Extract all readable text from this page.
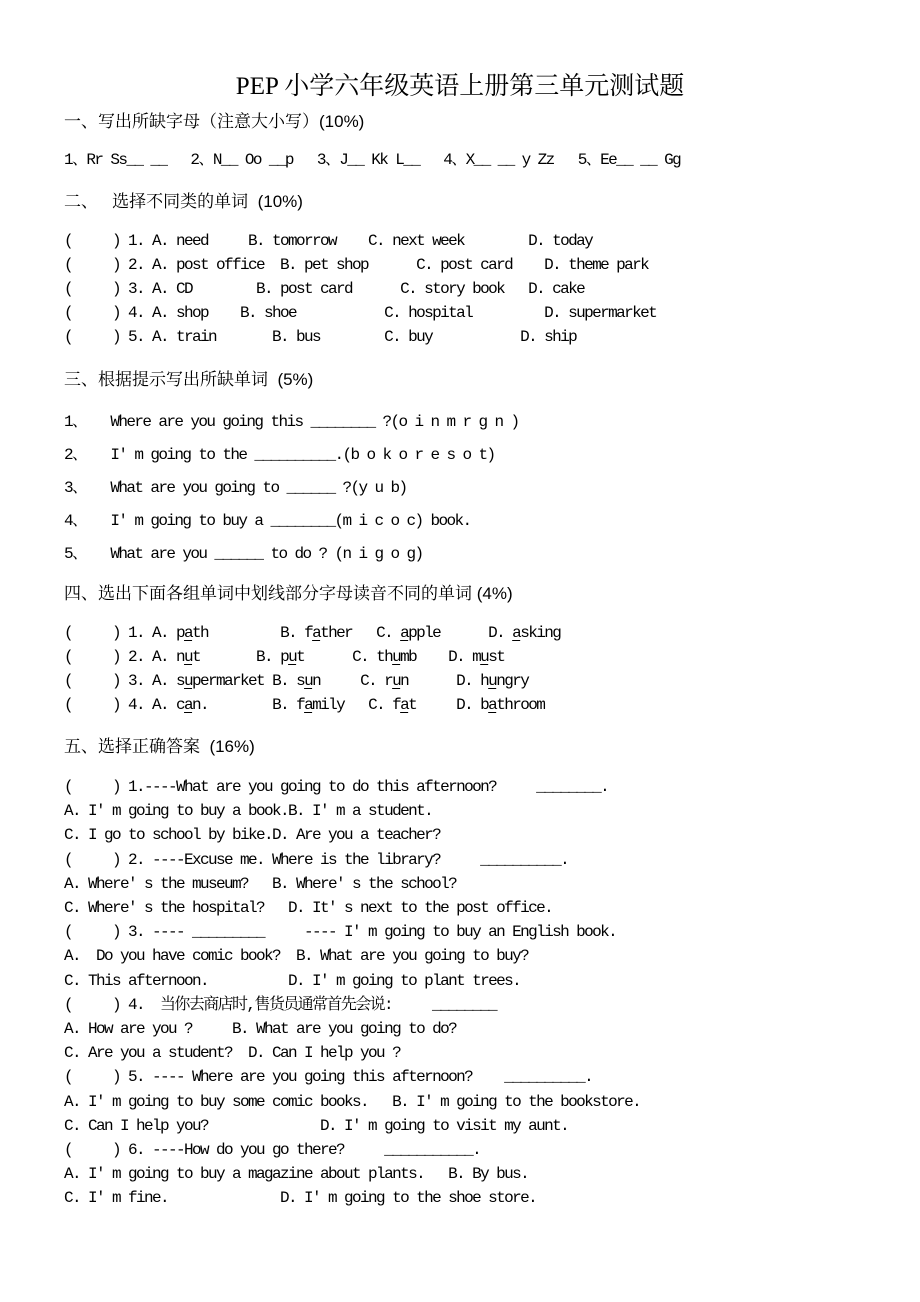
PEP 小学六年级英语上册第三单元测试题
一、写出所缺字母（注意大小写）(10%)
1、Rr Ss__ __   2、N__ Oo __p   3、J__ Kk L__   4、X__ __ y Zz   5、Ee__ __ Gg
二、   选择不同类的单词  (10%)
(     ) 1. A. need     B. tomorrow    C. next week        D. today
(     ) 2. A. post office  B. pet shop      C. post card    D. theme park
(     ) 3. A. CD        B. post card      C. story book   D. cake
(     ) 4. A. shop    B. shoe           C. hospital         D. supermarket
(     ) 5. A. train       B. bus        C. buy           D. ship
三、根据提示写出所缺单词  (5%)
1、   Where are you going this ________ ?(o i n m r g n )
2、   I' m going to the __________.(b o k o r e s o t)
3、   What are you going to ______ ?(y u b)
4、   I' m going to buy a ________(m i c o c) book.
5、   What are you ______ to do ? (n i g o g)
四、选出下面各组单词中划线部分字母读音不同的单词 (4%)
(     ) 1. A. path         B. father   C. apple      D. asking
(     ) 2. A. nut       B. put      C. thumb    D. must
(     ) 3. A. supermarket B. sun     C. run      D. hungry
(     ) 4. A. can.        B. family   C. fat     D. bathroom
五、选择正确答案  (16%)
(     ) 1.----What are you going to do this afternoon?     ________.
A. I' m going to buy a book.B. I' m a student.
C. I go to school by bike.D. Are you a teacher?
(     ) 2. ----Excuse me. Where is the library?     __________.
A. Where' s the museum?   B. Where' s the school?
C. Where' s the hospital?   D. It' s next to the post office.
(     ) 3. ---- _________     ---- I' m going to buy an English book.
A.  Do you have comic book?  B. What are you going to buy?
C. This afternoon.          D. I' m going to plant trees.
(     ) 4.  当你去商店时,售货员通常首先会说:     ________
A. How are you ?     B. What are you going to do?
C. Are you a student?  D. Can I help you ?
(     ) 5. ---- Where are you going this afternoon?    __________.
A. I' m going to buy some comic books.   B. I' m going to the bookstore.
C. Can I help you?              D. I' m going to visit my aunt.
(     ) 6. ----How do you go there?     ___________.
A. I' m going to buy a magazine about plants.   B. By bus.
C. I' m fine.              D. I' m going to the shoe store.
